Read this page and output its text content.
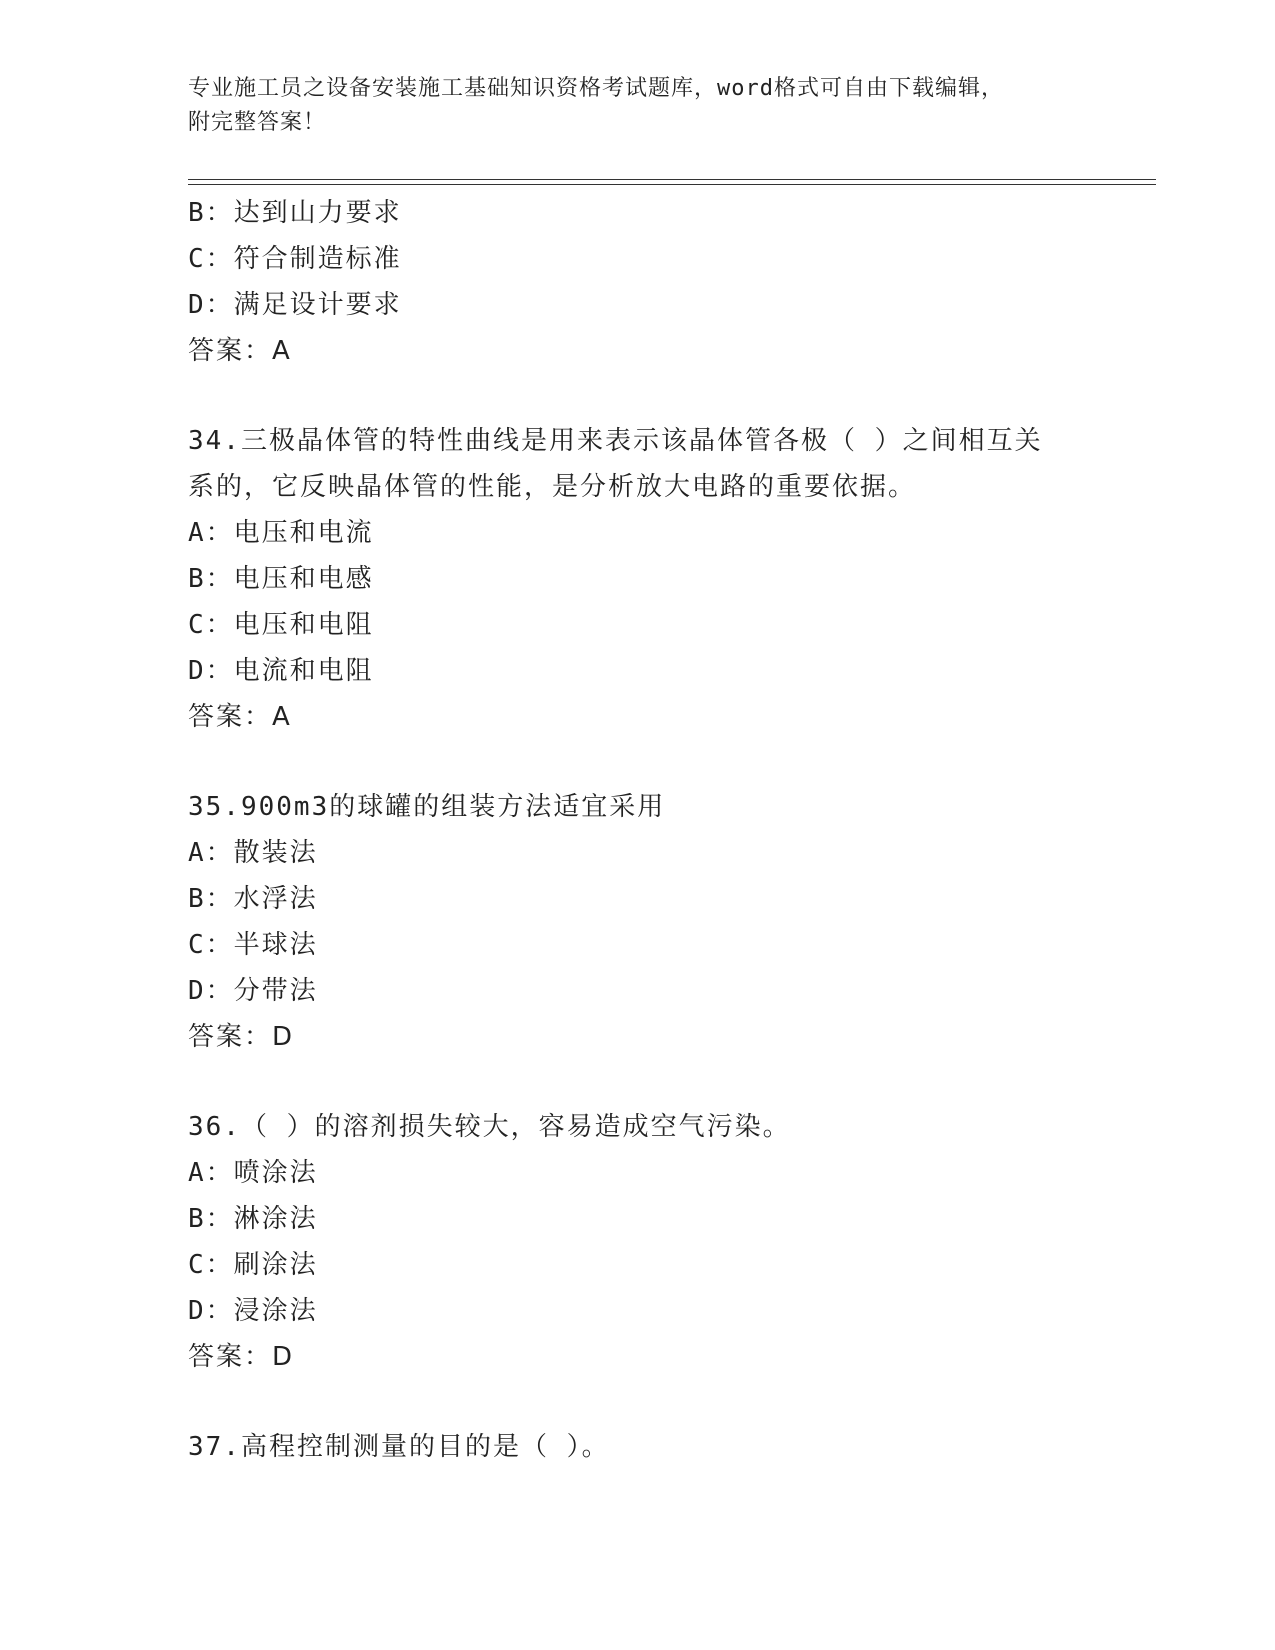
专业施工员之设备安装施工基础知识资格考试题库，word格式可自由下载编辑，
附完整答案！
B：达到山力要求
C：符合制造标准
D：满足设计要求
答案：A
34.三极晶体管的特性曲线是用来表示该晶体管各极（ ）之间相互关
系的，它反映晶体管的性能，是分析放大电路的重要依据。
A：电压和电流
B：电压和电感
C：电压和电阻
D：电流和电阻
答案：A
35.900m3的球罐的组装方法适宜采用
A：散装法
B：水浮法
C：半球法
D：分带法
答案：D
36.（ ）的溶剂损失较大，容易造成空气污染。
A：喷涂法
B：淋涂法
C：刷涂法
D：浸涂法
答案：D
37.高程控制测量的目的是（ ）。
